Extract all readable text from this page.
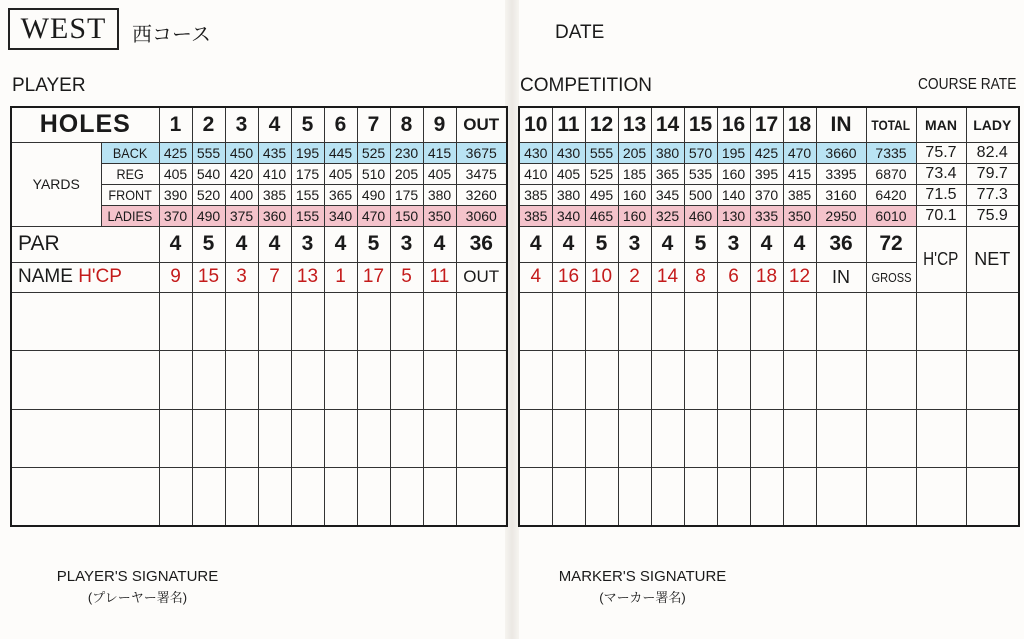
WEST	西コース	DATE
PLAYER	COMPETITION	COURSE RATE
HOLES		1	2	3	4	5	6	7	8	9	OUT
YARDS	BACK	425	555	450	435	195	445	525	230	415	3675
	REG	405	540	420	410	175	405	510	205	405	3475
	FRONT	390	520	400	385	155	365	490	175	380	3260
	LADIES	370	490	375	360	155	340	470	150	350	3060
PAR		4	5	4	4	3	4	5	3	4	36
NAME H'CP		9	15	3	7	13	1	17	5	11	OUT

10	11	12	13	14	15	16	17	18	IN	TOTAL	MAN	LADY
430	430	555	205	380	570	195	425	470	3660	7335	75.7	82.4
410	405	525	185	365	535	160	395	415	3395	6870	73.4	79.7
385	380	495	160	345	500	140	370	385	3160	6420	71.5	77.3
385	340	465	160	325	460	130	335	350	2950	6010	70.1	75.9
4	4	5	3	4	5	3	4	4	36	72	H'CP	NET
4	16	10	2	14	8	6	18	12	IN	GROSS		

PLAYER'S SIGNATURE
(プレーヤー署名)
MARKER'S SIGNATURE
(マーカー署名)
